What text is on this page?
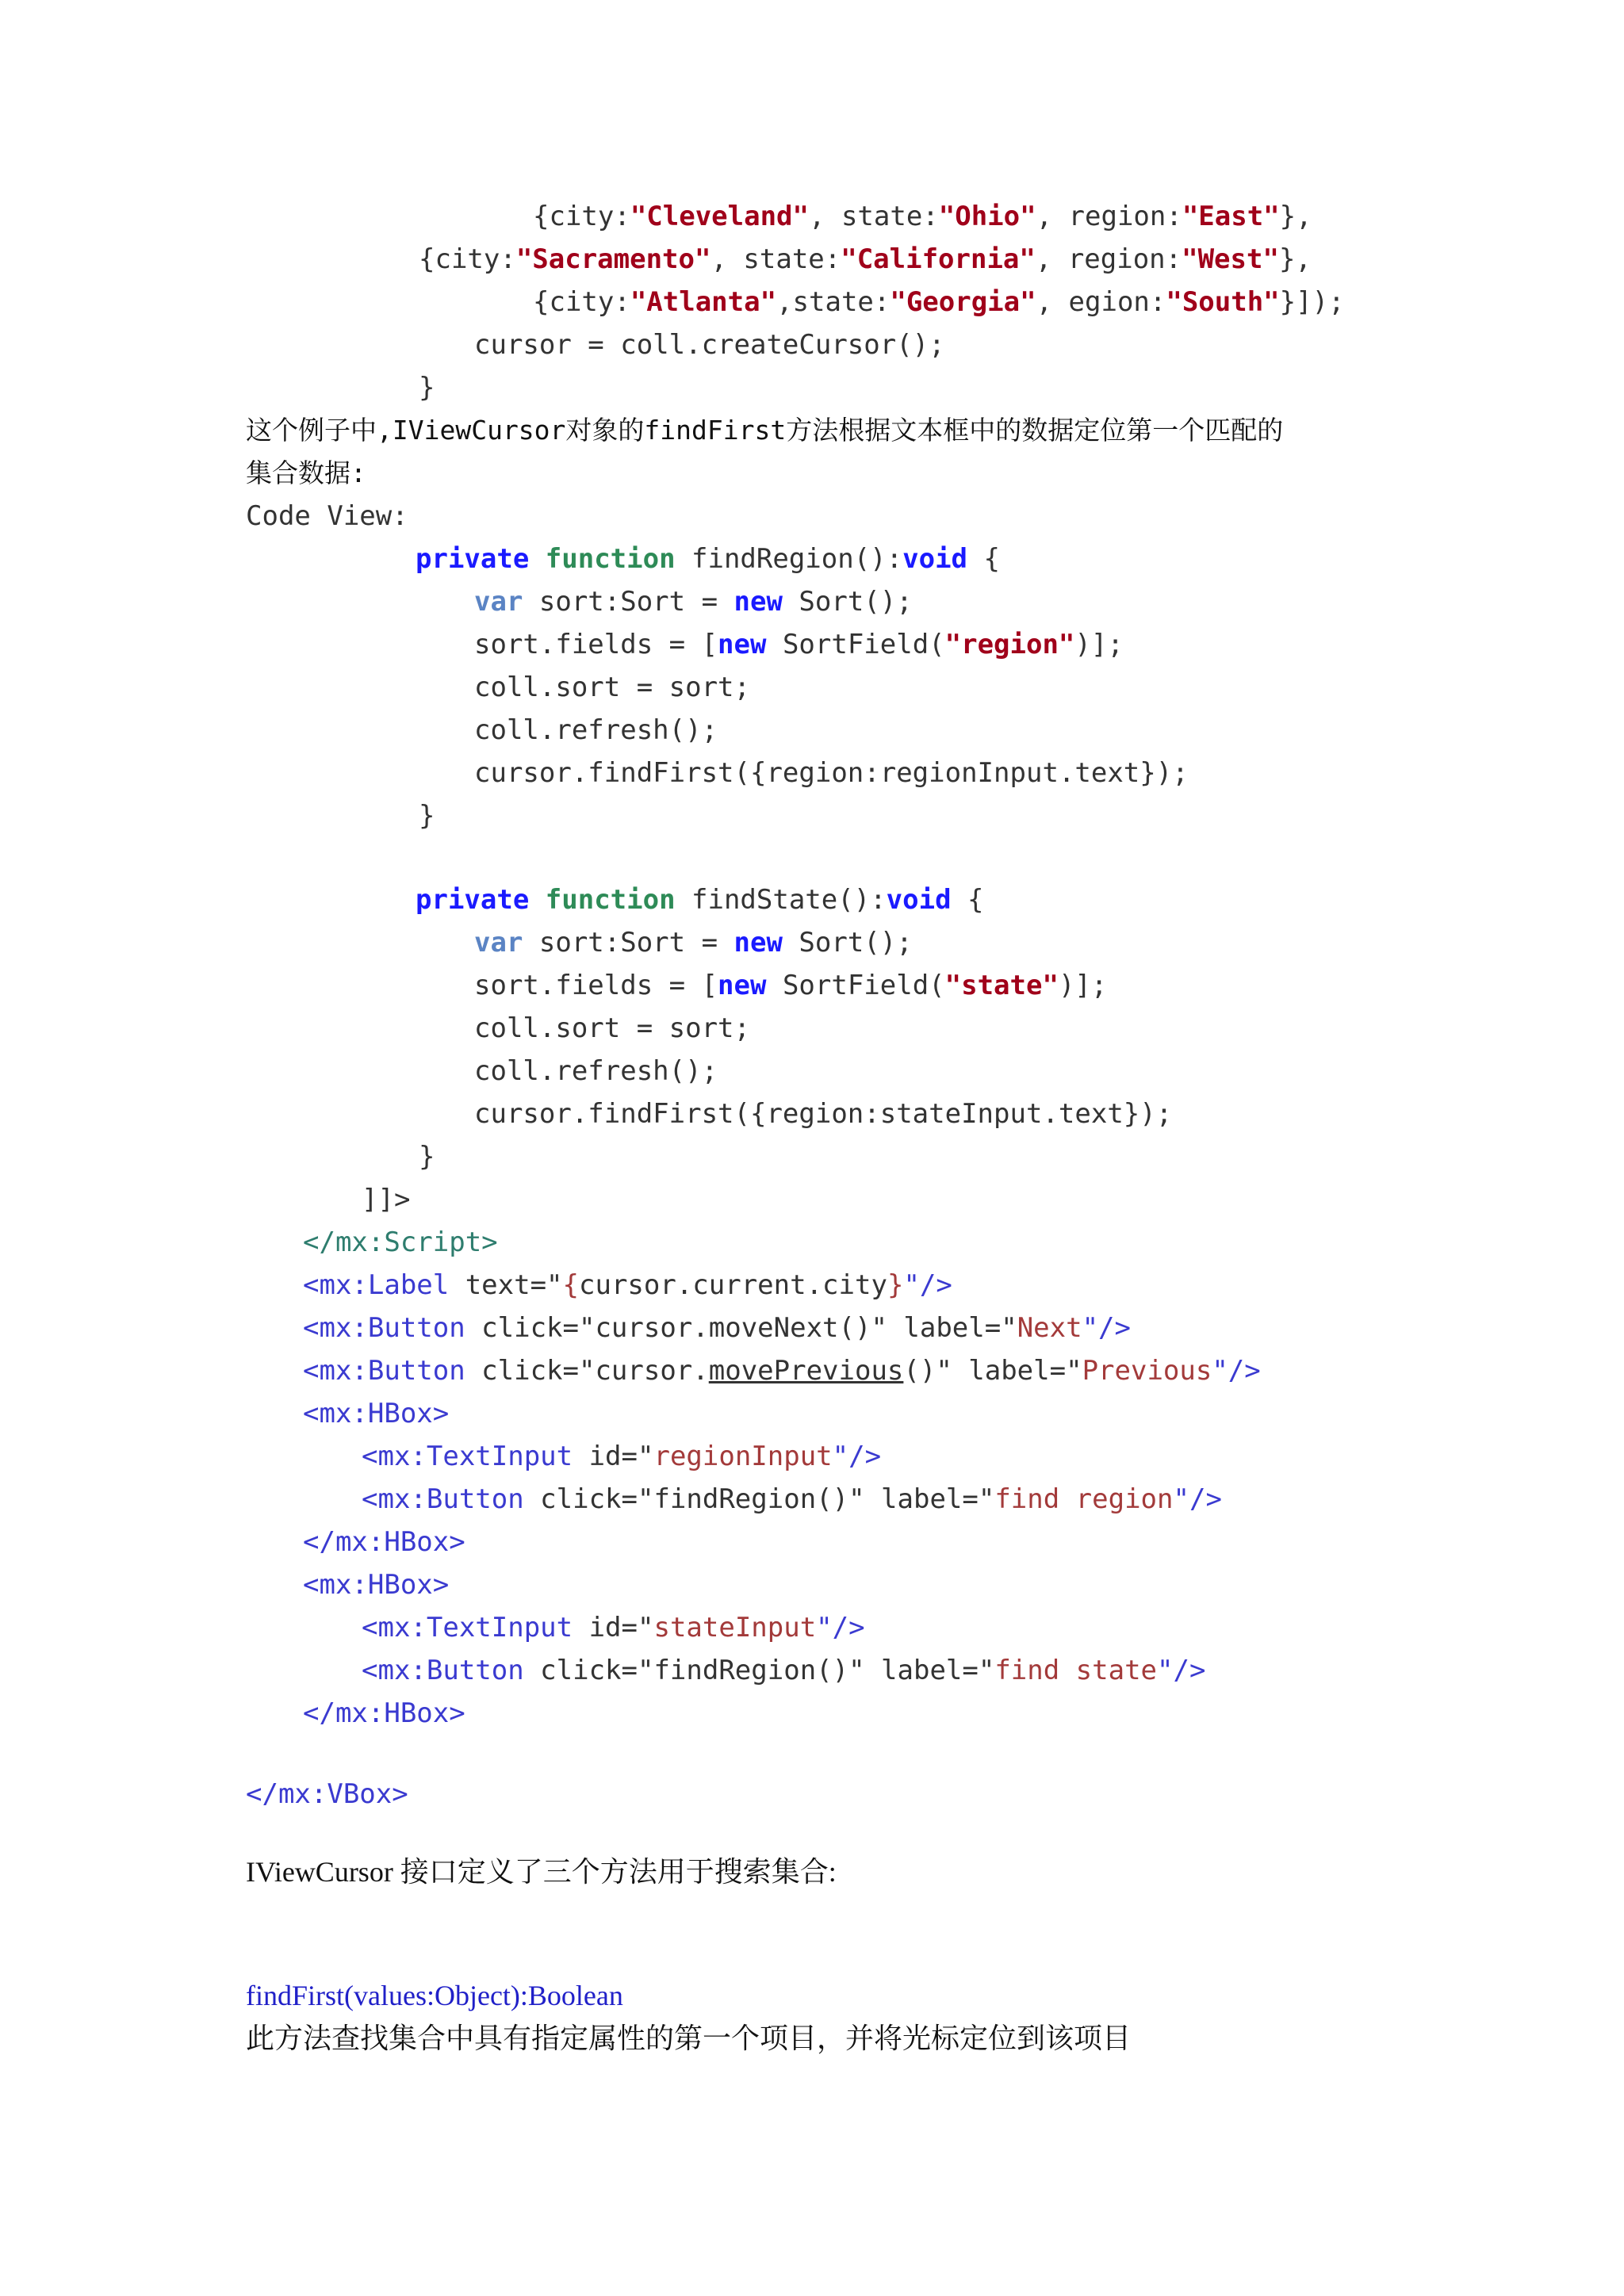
{city:"Cleveland", state:"Ohio", region:"East"},
{city:"Sacramento", state:"California", region:"West"},
{city:"Atlanta",state:"Georgia", egion:"South"}]);
cursor = coll.createCursor();
}
这个例子中,IViewCursor对象的findFirst方法根据文本框中的数据定位第一个匹配的
集合数据:
Code View:
private function findRegion():void {
var sort:Sort = new Sort();
sort.fields = [new SortField("region")];
coll.sort = sort;
coll.refresh();
cursor.findFirst({region:regionInput.text});
}
private function findState():void {
var sort:Sort = new Sort();
sort.fields = [new SortField("state")];
coll.sort = sort;
coll.refresh();
cursor.findFirst({region:stateInput.text});
}
]]>
</mx:Script>
<mx:Label text="{cursor.current.city}"/>
<mx:Button click="cursor.moveNext()" label="Next"/>
<mx:Button click="cursor.movePrevious()" label="Previous"/>
<mx:HBox>
<mx:TextInput id="regionInput"/>
<mx:Button click="findRegion()" label="find region"/>
</mx:HBox>
<mx:HBox>
<mx:TextInput id="stateInput"/>
<mx:Button click="findRegion()" label="find state"/>
</mx:HBox>
</mx:VBox>
IViewCursor 接口定义了三个方法用于搜索集合:
findFirst(values:Object):Boolean
此方法查找集合中具有指定属性的第一个项目，并将光标定位到该项目
